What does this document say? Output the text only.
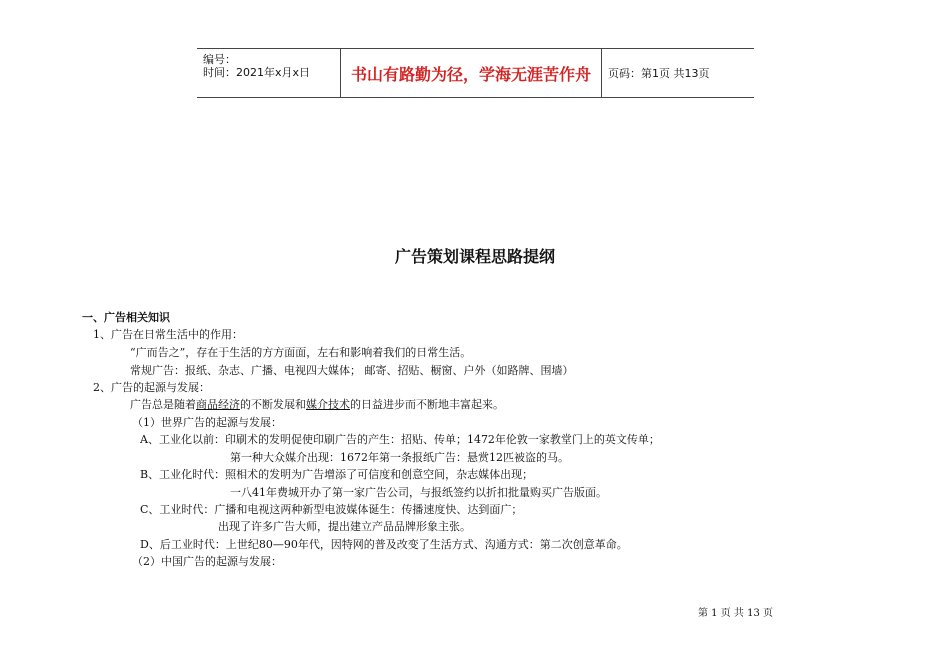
编号：
时间：2021年x月x日	书山有路勤为径，学海无涯苦作舟	页码：第1页 共13页
广告策划课程思路提纲
一、广告相关知识
1、广告在日常生活中的作用：
“广而告之”，存在于生活的方方面面，左右和影响着我们的日常生活。
常规广告：报纸、杂志、广播、电视四大媒体； 邮寄、招贴、橱窗、户外（如路牌、围墙）
2、广告的起源与发展：
广告总是随着商品经济的不断发展和媒介技术的日益进步而不断地丰富起来。
（1）世界广告的起源与发展：
A、工业化以前：印刷术的发明促使印刷广告的产生：招贴、传单；1472年伦敦一家教堂门上的英文传单；
第一种大众媒介出现：1672年第一条报纸广告：悬赏12匹被盗的马。
B、工业化时代：照相术的发明为广告增添了可信度和创意空间，杂志媒体出现；
一八41年费城开办了第一家广告公司，与报纸签约以折扣批量购买广告版面。
C、工业时代：广播和电视这两种新型电波媒体诞生：传播速度快、达到面广；
出现了许多广告大师，提出建立产品品牌形象主张。
D、后工业时代：上世纪80—90年代，因特网的普及改变了生活方式、沟通方式：第二次创意革命。
（2）中国广告的起源与发展：
第 1 页 共 13 页
